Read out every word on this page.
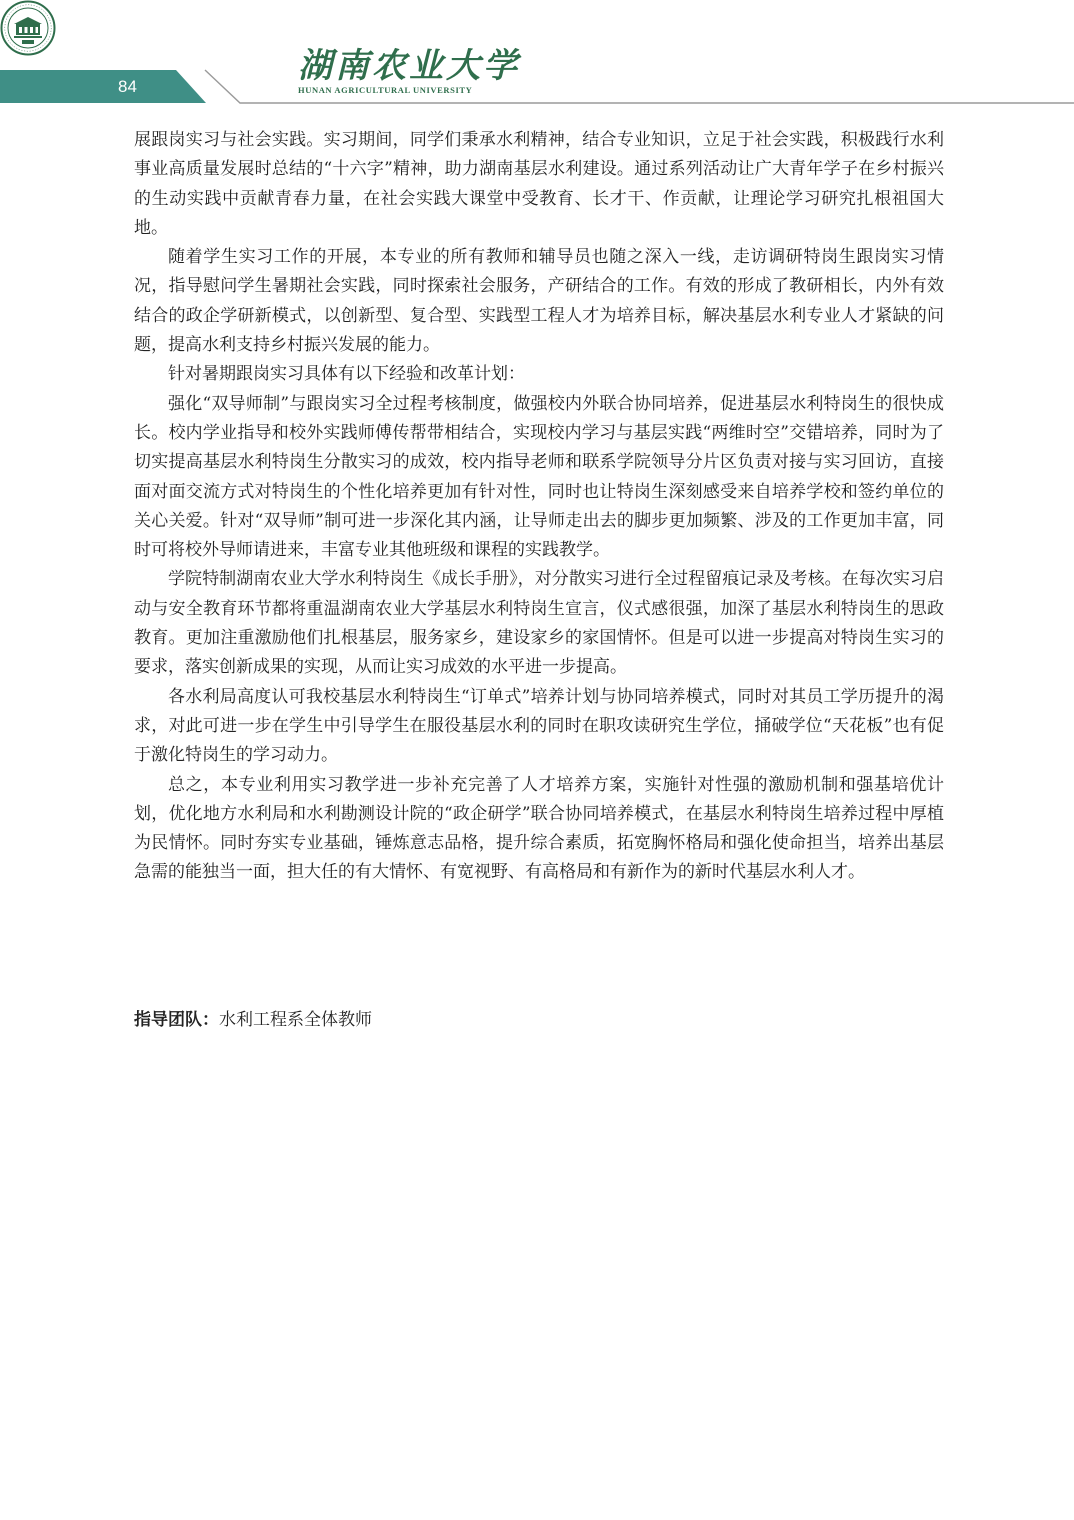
84
湖南农业大学
HUNAN AGRICULTURAL UNIVERSITY

展跟岗实习与社会实践。实习期间，同学们秉承水利精神，结合专业知识，立足于社会实践，积极践行水利事业高质量发展时总结的“十六字”精神，助力湖南基层水利建设。通过系列活动让广大青年学子在乡村振兴的生动实践中贡献青春力量，在社会实践大课堂中受教育、长才干、作贡献，让理论学习研究扎根祖国大地。

随着学生实习工作的开展，本专业的所有教师和辅导员也随之深入一线，走访调研特岗生跟岗实习情况，指导慰问学生暑期社会实践，同时探索社会服务，产研结合的工作。有效的形成了教研相长，内外有效结合的政企学研新模式，以创新型、复合型、实践型工程人才为培养目标，解决基层水利专业人才紧缺的问题，提高水利支持乡村振兴发展的能力。

针对暑期跟岗实习具体有以下经验和改革计划：

强化“双导师制”与跟岗实习全过程考核制度，做强校内外联合协同培养，促进基层水利特岗生的很快成长。校内学业指导和校外实践师傅传帮带相结合，实现校内学习与基层实践“两维时空”交错培养，同时为了切实提高基层水利特岗生分散实习的成效，校内指导老师和联系学院领导分片区负责对接与实习回访，直接面对面交流方式对特岗生的个性化培养更加有针对性，同时也让特岗生深刻感受来自培养学校和签约单位的关心关爱。针对“双导师”制可进一步深化其内涵，让导师走出去的脚步更加频繁、涉及的工作更加丰富，同时可将校外导师请进来，丰富专业其他班级和课程的实践教学。

学院特制湖南农业大学水利特岗生《成长手册》，对分散实习进行全过程留痕记录及考核。在每次实习启动与安全教育环节都将重温湖南农业大学基层水利特岗生宣言，仪式感很强，加深了基层水利特岗生的思政教育。更加注重激励他们扎根基层，服务家乡，建设家乡的家国情怀。但是可以进一步提高对特岗生实习的要求，落实创新成果的实现，从而让实习成效的水平进一步提高。

各水利局高度认可我校基层水利特岗生“订单式”培养计划与协同培养模式，同时对其员工学历提升的渴求，对此可进一步在学生中引导学生在服役基层水利的同时在职攻读研究生学位，捅破学位“天花板”也有促于激化特岗生的学习动力。

总之，本专业利用实习教学进一步补充完善了人才培养方案，实施针对性强的激励机制和强基培优计划，优化地方水利局和水利勘测设计院的“政企研学”联合协同培养模式，在基层水利特岗生培养过程中厚植为民情怀。同时夯实专业基础，锤炼意志品格，提升综合素质，拓宽胸怀格局和强化使命担当，培养出基层急需的能独当一面，担大任的有大情怀、有宽视野、有高格局和有新作为的新时代基层水利人才。

指导团队：水利工程系全体教师
